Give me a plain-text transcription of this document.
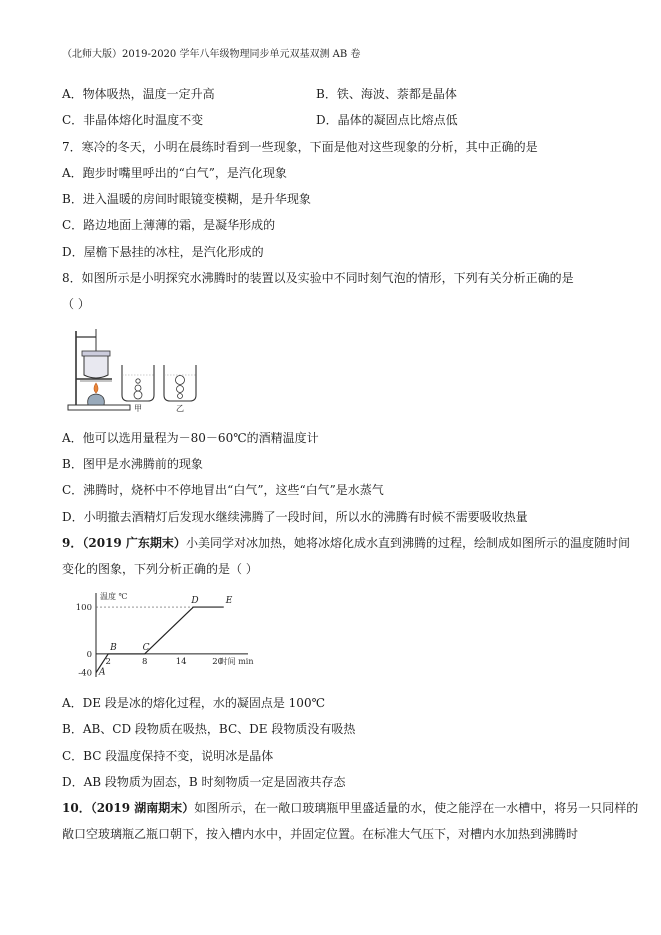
（北师大版）2019-2020 学年八年级物理同步单元双基双测 AB 卷
A．物体吸热，温度一定升高	B．铁、海波、萘都是晶体
C．非晶体熔化时温度不变	D．晶体的凝固点比熔点低
7．寒冷的冬天，小明在晨练时看到一些现象，下面是他对这些现象的分析，其中正确的是
A．跑步时嘴里呼出的“白气”，是汽化现象
B．进入温暖的房间时眼镜变模糊，是升华现象
C．路边地面上薄薄的霜，是凝华形成的
D．屋檐下悬挂的冰柱，是汽化形成的
8．如图所示是小明探究水沸腾时的装置以及实验中不同时刻气泡的情形，下列有关分析正确的是
（ ）
甲	乙
A．他可以选用量程为－80－60℃的酒精温度计
B．图甲是水沸腾前的现象
C．沸腾时，烧杯中不停地冒出“白气”，这些“白气”是水蒸气
D．小明撤去酒精灯后发现水继续沸腾了一段时间，所以水的沸腾有时候不需要吸收热量
9．（2019 广东期末）小美同学对冰加热，她将冰熔化成水直到沸腾的过程，绘制成如图所示的温度随时间
变化的图象，下列分析正确的是（ ）
温度 ℃
时间 min
100
0
-40
2	8	14	20
A
B	C
D	E
A．DE 段是冰的熔化过程，水的凝固点是 100℃
B．AB、CD 段物质在吸热，BC、DE 段物质没有吸热
C．BC 段温度保持不变，说明冰是晶体
D．AB 段物质为固态，B 时刻物质一定是固液共存态
10．（2019 湖南期末）如图所示，在一敞口玻璃瓶甲里盛适量的水，使之能浮在一水槽中，将另一只同样的
敞口空玻璃瓶乙瓶口朝下，按入槽内水中，并固定位置。在标准大气压下，对槽内水加热到沸腾时
